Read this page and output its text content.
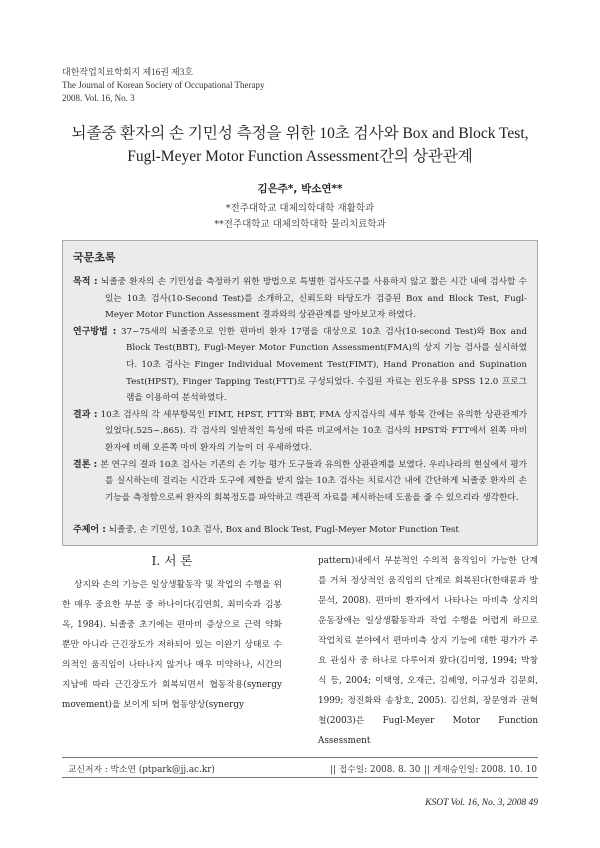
대한작업치료학회지 제16권 제3호
The Journal of Korean Society of Occupational Therapy
2008. Vol. 16, No. 3
뇌졸중 환자의 손 기민성 측정을 위한 10초 검사와 Box and Block Test,
Fugl-Meyer Motor Function Assessment간의 상관관계
김은주*, 박소연**
*전주대학교 대체의학대학 재활학과
**전주대학교 대체의학대학 물리치료학과
국문초록
목적 : 뇌졸중 환자의 손 기민성을 측정하기 위한 방법으로 특별한 검사도구를 사용하지 않고 짧은 시간 내에 검사할 수 있는 10초 검사(10-Second Test)를 소개하고, 신뢰도와 타당도가 검증된 Box and Block Test, Fugl-Meyer Motor Function Assessment 결과와의 상관관계를 알아보고자 하였다.
연구방법 : 37~75세의 뇌졸중으로 인한 편마비 환자 17명을 대상으로 10초 검사(10-second Test)와 Box and Block Test(BBT), Fugl-Meyer Motor Function Assessment(FMA)의 상지 기능 검사를 실시하였다. 10초 검사는 Finger Individual Movement Test(FIMT), Hand Pronation and Supination Test(HPST), Finger Tapping Test(FTT)로 구성되었다. 수집된 자료는 윈도우용 SPSS 12.0 프로그램을 이용하여 분석하였다.
결과 : 10초 검사의 각 세부항목인 FIMT, HPST, FTT와 BBT, FMA 상지검사의 세부 항목 간에는 유의한 상관관계가 있었다(.525~.865). 각 검사의 일반적인 특성에 따른 비교에서는 10초 검사의 HPST와 FTT에서 왼쪽 마비 환자에 비해 오른쪽 마비 환자의 기능이 더 우세하였다.
결론 : 본 연구의 결과 10초 검사는 기존의 손 기능 평가 도구들과 유의한 상관관계를 보였다. 우리나라의 현실에서 평가를 실시하는데 걸리는 시간과 도구에 제한을 받지 않는 10초 검사는 치료시간 내에 간단하게 뇌졸중 환자의 손 기능을 측정함으로써 환자의 회복정도를 파악하고 객관적 자료를 제시하는데 도움을 줄 수 있으리라 생각한다.
주제어 : 뇌졸중, 손 기민성, 10초 검사, Box and Block Test, Fugl-Meyer Motor Function Test
Ⅰ. 서 론
상지와 손의 기능은 일상생활동작 및 작업의 수행을 위한 매우 중요한 부분 중 하나이다(김연희, 최미숙과 김봉옥, 1984). 뇌졸중 초기에는 편마비 증상으로 근력 약화뿐만 아니라 근긴장도가 저하되어 있는 이완기 상태로 수의적인 움직임이 나타나지 않거나 매우 미약하나, 시간의 지남에 따라 근긴장도가 회복되면서 협동작용(synergy movement)을 보이게 되며 협동양상(synergy
pattern)내에서 부분적인 수의적 움직임이 가능한 단계를 거쳐 정상적인 움직임의 단계로 회복된다(한태륜과 방문석, 2008). 편마비 환자에서 나타나는 마비측 상지의 운동장애는 일상생활동작과 작업 수행을 어렵게 하므로 작업치료 분야에서 편마비측 상지 기능에 대한 평가가 주요 관심사 중 하나로 다루어져 왔다(김미영, 1994; 박창식 등, 2004; 이택영, 오재근, 김혜영, 이규성과 김문회, 1999; 정진화와 송창호, 2005). 김선희, 장문영과 권혁철(2003)은 Fugl-Meyer Motor Function Assessment
교신저자 : 박소연 (ptpark@jj.ac.kr)	|| 접수일: 2008. 8. 30 || 게재승인일: 2008. 10. 10
KSOT Vol. 16, No. 3, 2008 49
